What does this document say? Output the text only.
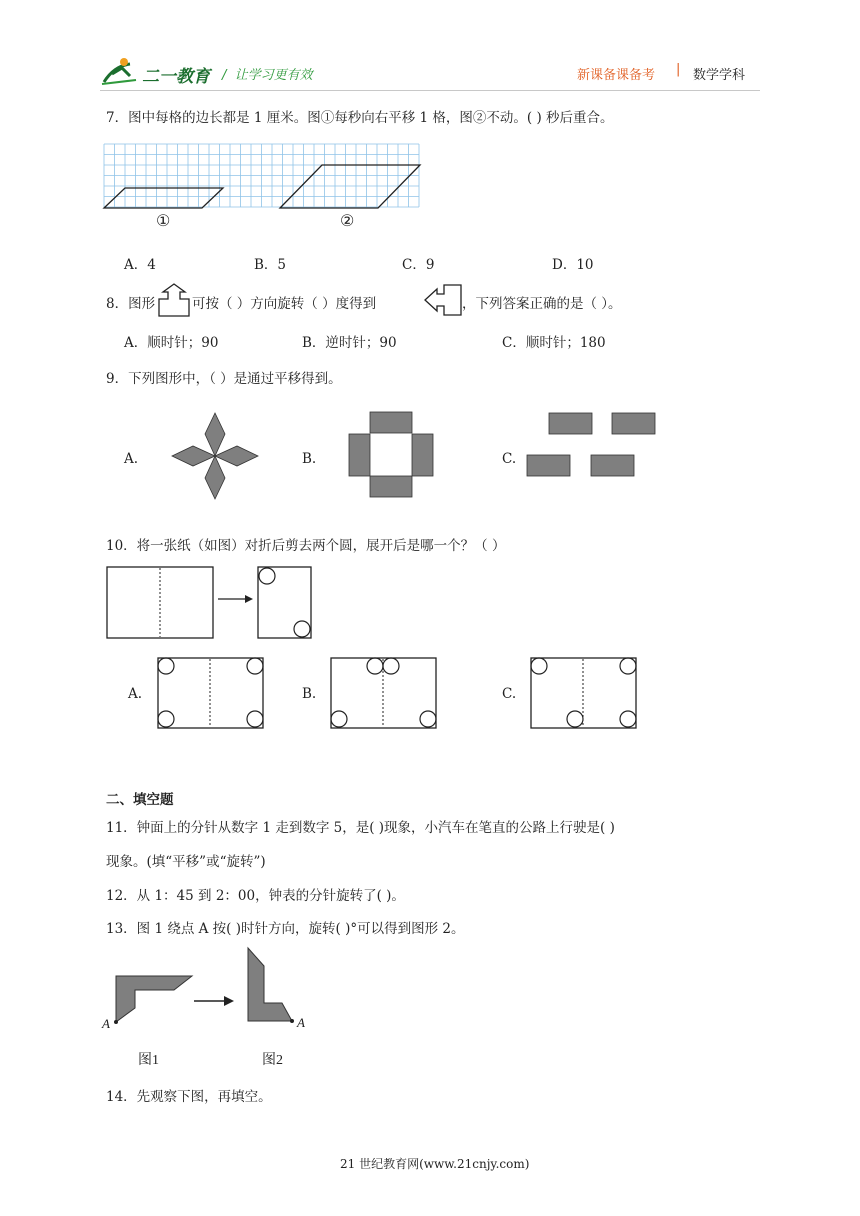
二一教育 /  让学习更有效	新课备课备考 | 数学学科
7．图中每格的边长都是 1 厘米。图①每秒向右平移 1 格，图②不动。( ) 秒后重合。
①	②
A．4	B．5	C．9	D．10
8．图形	可按（ ）方向旋转（ ）度得到	，下列答案正确的是（ ）。
A．顺时针；90	B．逆时针；90	C．顺时针；180
9．下列图形中，（ ）是通过平移得到。
A.	B.	C.
10．将一张纸（如图）对折后剪去两个圆，展开后是哪一个？（ ）
A.	B.	C.
二、填空题
11．钟面上的分针从数字 1 走到数字 5，是( )现象，小汽车在笔直的公路上行驶是( )
现象。(填“平移”或“旋转”)
12．从 1：45 到 2：00，钟表的分针旋转了( )。
13．图 1 绕点 A 按( )时针方向，旋转( )°可以得到图形 2。
A	A
图1	图2
14．先观察下图，再填空。
21 世纪教育网(www.21cnjy.com)
